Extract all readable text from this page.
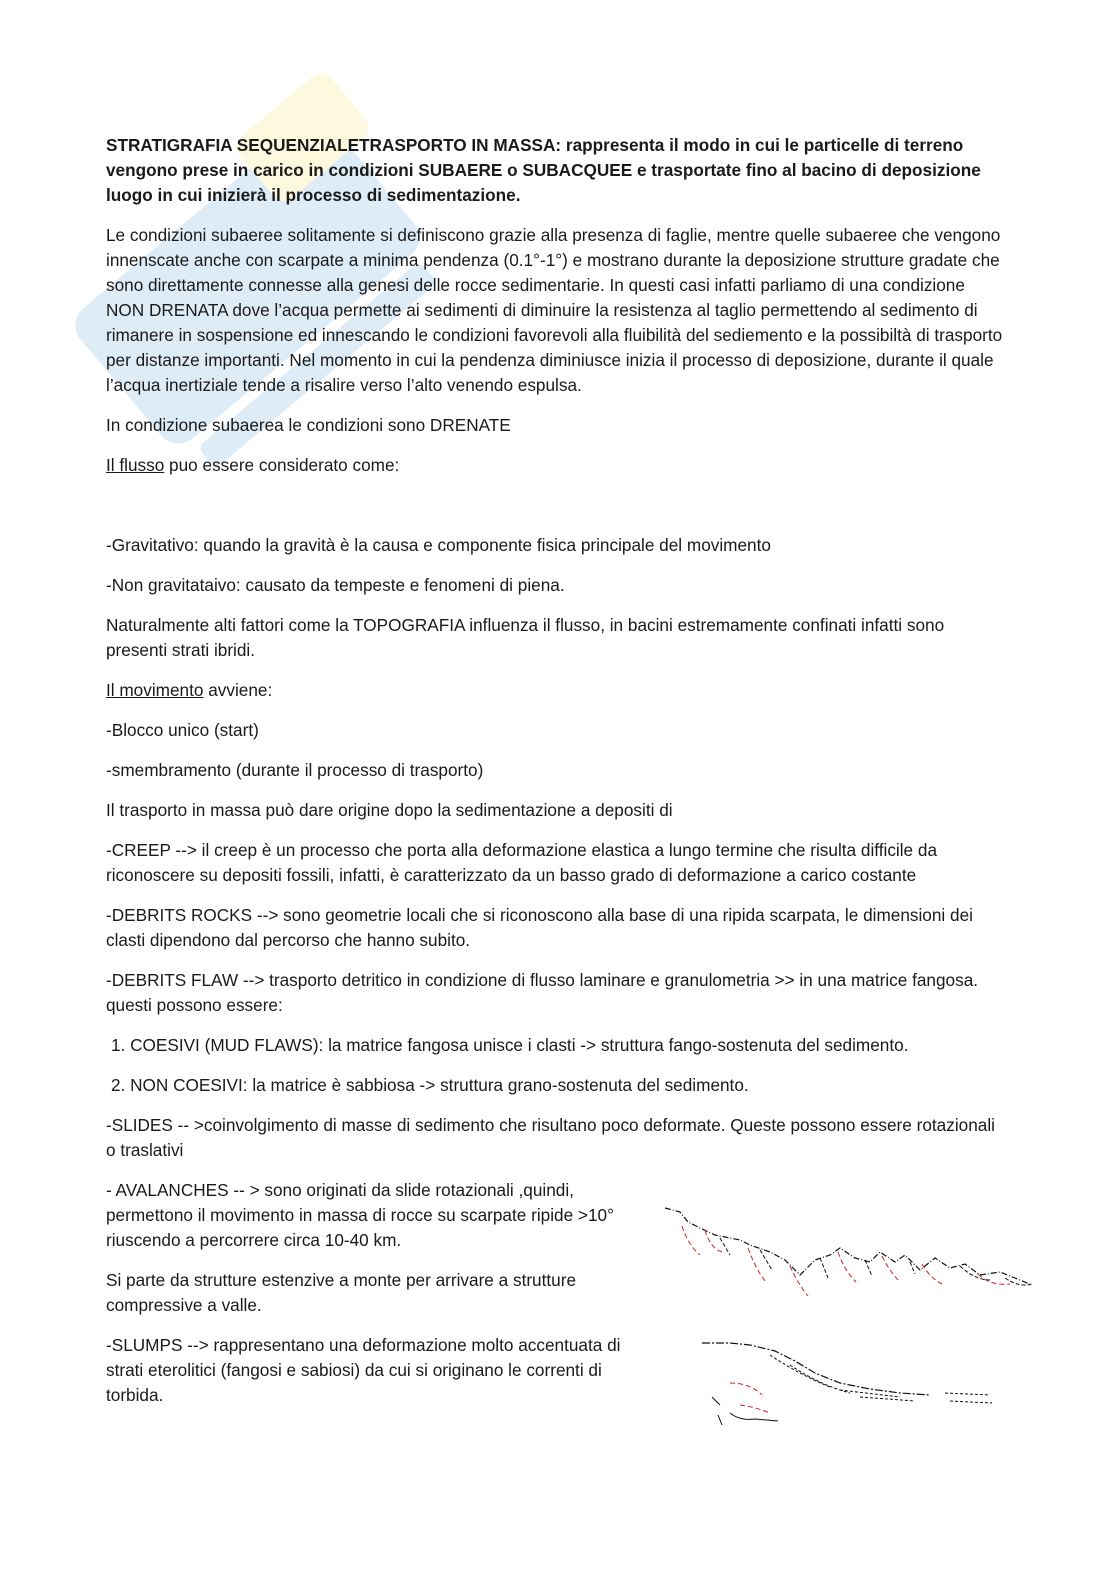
STRATIGRAFIA SEQUENZIALETRASPORTO IN MASSA: rappresenta il modo in cui le particelle di terreno vengono prese in carico in condizioni SUBAERE o SUBACQUEE e trasportate fino al bacino di deposizione luogo in cui inizierà il processo di sedimentazione.

Le condizioni subaeree solitamente si definiscono grazie alla presenza di faglie, mentre quelle subaeree che vengono innenscate anche con scarpate a minima pendenza (0.1°-1°) e mostrano durante la deposizione strutture gradate che sono direttamente connesse alla genesi delle rocce sedimentarie. In questi casi infatti parliamo di una condizione NON DRENATA dove l’acqua permette ai sedimenti di diminuire la resistenza al taglio permettendo al sedimento di rimanere in sospensione ed innescando le condizioni favorevoli alla fluibilità del sediemento e la possibiltà di trasporto per distanze importanti. Nel momento in cui la pendenza diminiusce inizia il processo di deposizione, durante il quale l’acqua inertiziale tende a risalire verso l’alto venendo espulsa.

In condizione subaerea le condizioni sono DRENATE

Il flusso puo essere considerato come:

-Gravitativo: quando la gravità è la causa e componente fisica principale del movimento

-Non gravitataivo: causato da tempeste e fenomeni di piena.

Naturalmente alti fattori come la TOPOGRAFIA influenza il flusso, in bacini estremamente confinati infatti sono presenti strati ibridi.

Il movimento avviene:

-Blocco unico (start)

-smembramento (durante il processo di trasporto)

Il trasporto in massa può dare origine dopo la sedimentazione a depositi di

-CREEP --> il creep è un processo che porta alla deformazione elastica a lungo termine che risulta difficile da riconoscere su depositi fossili, infatti, è caratterizzato da un basso grado di deformazione a carico costante

-DEBRITS ROCKS --> sono geometrie locali che si riconoscono alla base di una ripida scarpata, le dimensioni dei clasti dipendono dal percorso che hanno subito.

-DEBRITS FLAW --> trasporto detritico in condizione di flusso laminare e granulometria >> in una matrice fangosa. questi possono essere:

1. COESIVI (MUD FLAWS): la matrice fangosa unisce i clasti -> struttura fango-sostenuta del sedimento.

2. NON COESIVI: la matrice è sabbiosa -> struttura grano-sostenuta del sedimento.

-SLIDES -- >coinvolgimento di masse di sedimento che risultano poco deformate. Queste possono essere rotazionali o traslativi

- AVALANCHES -- > sono originati da slide rotazionali ,quindi, permettono il movimento in massa di rocce su scarpate ripide >10° riuscendo a percorrere circa 10-40 km.

Si parte da strutture estenzive a monte per arrivare a strutture compressive a valle.

-SLUMPS --> rappresentano una deformazione molto accentuata di strati eterolitici (fangosi e sabiosi) da cui si originano le correnti di torbida.
